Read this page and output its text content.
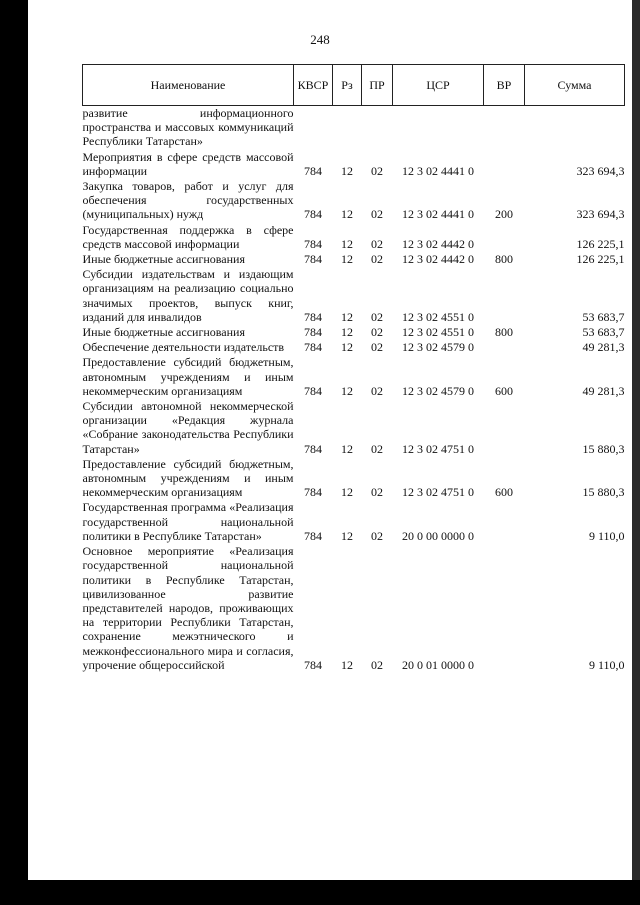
248
Наименование	КВСР	Рз	ПР	ЦСР	ВР	Сумма
развитие информационного пространства и массовых коммуникаций Республики Татарстан»						
Мероприятия в сфере средств массовой информации	784	12	02	12 3 02 4441 0		323 694,3
Закупка товаров, работ и услуг для обеспечения государственных (муниципальных) нужд	784	12	02	12 3 02 4441 0	200	323 694,3
Государственная поддержка в сфере средств массовой информации	784	12	02	12 3 02 4442 0		126 225,1
Иные бюджетные ассигнования	784	12	02	12 3 02 4442 0	800	126 225,1
Субсидии издательствам и издающим организациям на реализацию социально значимых проектов, выпуск книг, изданий для инвалидов	784	12	02	12 3 02 4551 0		53 683,7
Иные бюджетные ассигнования	784	12	02	12 3 02 4551 0	800	53 683,7
Обеспечение деятельности издательств	784	12	02	12 3 02 4579 0		49 281,3
Предоставление субсидий бюджетным, автономным учреждениям и иным некоммерческим организациям	784	12	02	12 3 02 4579 0	600	49 281,3
Субсидии автономной некоммерческой организации «Редакция журнала «Собрание законодательства Республики Татарстан»	784	12	02	12 3 02 4751 0		15 880,3
Предоставление субсидий бюджетным, автономным учреждениям и иным некоммерческим организациям	784	12	02	12 3 02 4751 0	600	15 880,3
Государственная программа «Реализация государственной национальной политики в Республике Татарстан»	784	12	02	20 0 00 0000 0		9 110,0
Основное мероприятие «Реализация государственной национальной политики в Республике Татарстан, цивилизованное развитие представителей народов, проживающих на территории Республики Татарстан, сохранение межэтнического и межконфессионального мира и согласия, упрочение общероссийской	784	12	02	20 0 01 0000 0		9 110,0
